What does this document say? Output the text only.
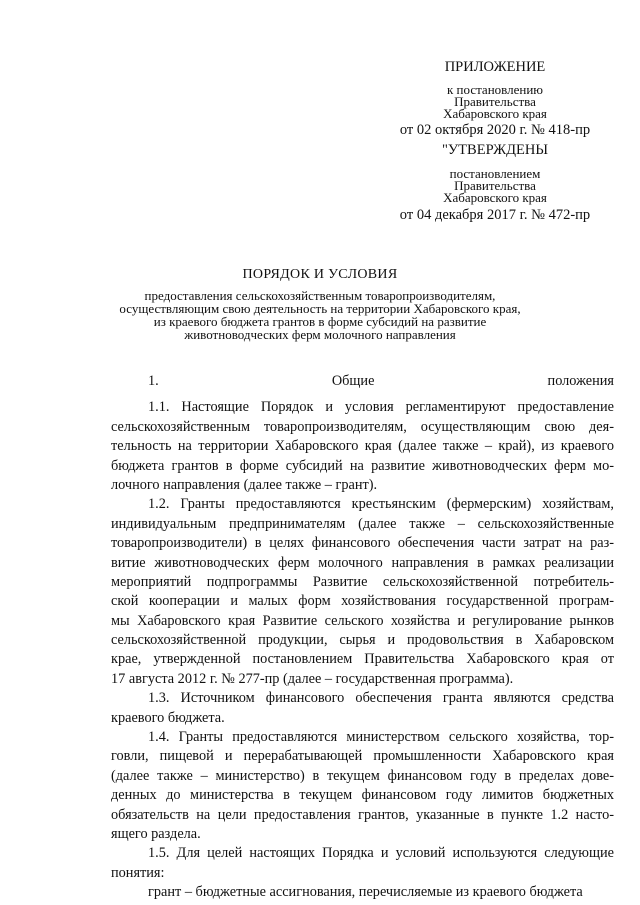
ПРИЛОЖЕНИЕ
к постановлению
Правительства
Хабаровского края
от 02 октября 2020 г. № 418-пр
"УТВЕРЖДЕНЫ
постановлением
Правительства
Хабаровского края
от 04 декабря 2017 г. № 472-пр
ПОРЯДОК И УСЛОВИЯ
предоставления сельскохозяйственным товаропроизводителям,
осуществляющим свою деятельность на территории Хабаровского края,
из краевого бюджета грантов в форме субсидий на развитие
животноводческих ферм молочного направления
1. Общие положения
1.1. Настоящие Порядок и условия регламентируют предоставление
сельскохозяйственным товаропроизводителям, осуществляющим свою дея-
тельность на территории Хабаровского края (далее также – край), из краевого
бюджета грантов в форме субсидий на развитие животноводческих ферм мо-
лочного направления (далее также – грант).
1.2. Гранты предоставляются крестьянским (фермерским) хозяйствам,
индивидуальным предпринимателям (далее также – сельскохозяйственные
товаропроизводители) в целях финансового обеспечения части затрат на раз-
витие животноводческих ферм молочного направления в рамках реализации
мероприятий подпрограммы Развитие сельскохозяйственной потребитель-
ской кооперации и малых форм хозяйствования государственной програм-
мы Хабаровского края Развитие сельского хозяйства и регулирование рынков
сельскохозяйственной продукции, сырья и продовольствия в Хабаровском
крае, утвержденной постановлением Правительства Хабаровского края от
17 августа 2012 г. № 277-пр (далее – государственная программа).
1.3. Источником финансового обеспечения гранта являются средства
краевого бюджета.
1.4. Гранты предоставляются министерством сельского хозяйства, тор-
говли, пищевой и перерабатывающей промышленности Хабаровского края
(далее также – министерство) в текущем финансовом году в пределах дове-
денных до министерства в текущем финансовом году лимитов бюджетных
обязательств на цели предоставления грантов, указанные в пункте 1.2 насто-
ящего раздела.
1.5. Для целей настоящих Порядка и условий используются следующие
понятия:
грант – бюджетные ассигнования, перечисляемые из краевого бюджета
